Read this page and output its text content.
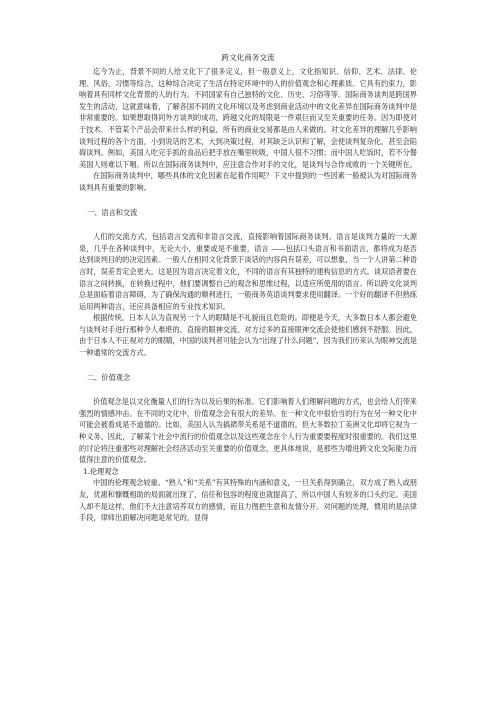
跨文化商务交流

迄今为止，背景不同的人给文化下了很多定义，但一般意义上，文化指知识、信仰、艺术、法律、伦理、风俗、习惯等综合，这种综合决定了生活在特定环境中的人的价值观念和心理素质。它具有约束力，影响着具有同样文化背景的人的行为。不同国家有自己独特的文化、历史、习俗等等。国际商务谈判是跨国界发生的活动，这就意味着，了解各国不同的文化环境以及考虑到商业活动中的文化差异在国际商务谈判中是非常重要的。如果想取得同外方谈判的成功，跨越文化的局限是一件艰巨而又至关重要的任务。因为即使对于技术、不管某个产品会带来什么样的利益，所有的商业交易都是由人来做的。对文化差异的理解几乎影响谈判过程的各个方面，小到说话的艺术，大到决策过程，对其缺乏认识和了解，会使谈判复杂化，甚至会陷碍谈判。例如，美国人吃完手抓的食品后把手放在嘴里吮吸，中国人很不习惯；而中国人吃饭时，若不分餐美国人则难以下咽。所以在国际商务谈判中，应注意合作对手的文化，是谈判与合作成败的一个关键所在。

在国际商务谈判中，哪些具体的文化因素在起着作用呢？下文中提到的一些因素一般被认为对国际商务谈判具有重要的影响。

一、语言和交流

人们的交流方式，包括语言交流和非语言交流，直接影响着国际商务谈判。语言是谈判力量的一大源泉，几乎在各种谈判中，无论大小，重要或是不重要，语言 ——包括口头语言和书面语言，都将成为是否达到谈判目的的决定因素。一般人在相同文化背景下谈话的内容尚有误差，可以想象，当一个人讲第二种语言时，误差肯定会更大，这是因为语言决定着文化，不同的语言有其独特的建构信息的方式。谈双语者要在语言之间转换，在转换过程中，他们要调整自己的观念和思维过程，以适应所使用的语言。所以跨文化谈判总是面临着语言障碍，为了确保沟通的顺利进行，一般商务英语谈判要求使用翻译。一个好的翻译不但熟练运用两种语言，还应具备相应的专业技术知识。

根据传统，日本人认为直视另一个人的眼睛是不礼貌而且危险的。即便是今天，大多数日本人都会避免与谈判对手进行那种令人难堪的、直接的眼神交流。对方过多的直接眼神交流会使他们感到不舒服。因此，由于日本人不正视对方的眼睛，中国的谈判者可能会认为“出现了什么问题”，因为我们历来认为眼神交流是一种通常的交流方式。

二、价值观念

价值观念是以文化衡量人们的行为以及后果的标准。它们影响着人们理解问题的方式，也会给人们带来强烈的情感冲击。在不同的文化中，价值观念会有很大的差异。在一种文化中很恰当的行为在另一种文化中可能会被看成是不道德的。比如，美国人认为搞裙带关系是不道德的，但大多数拉丁美洲文化却将它视为一种义务。因此，了解某个社会中流行的价值观念以及这些观念在个人行为重要要程度时很重要的。我们这里的讨论将注重那些对理解社会经济活动至关重要的价值观念，更具体地说，是那些为增进跨文化交际能力而值得注意的价值观念。

1.伦理观念

中国的伦理观念较重。“熟人”和“关系”有其特殊的内涵和意义，一旦关系得到确立，双方成了熟人或朋友，优惠和慷慨相助的局面就出现了，信任和包容的程度也就提高了，所以中国人有较多的口头约定。美国人却不是这样，他们不大注意培养双方的感情，而且力图把生意和友情分开。对问题的处理，惯用的是法律手段，律师出面解决问题是常见的，显得
